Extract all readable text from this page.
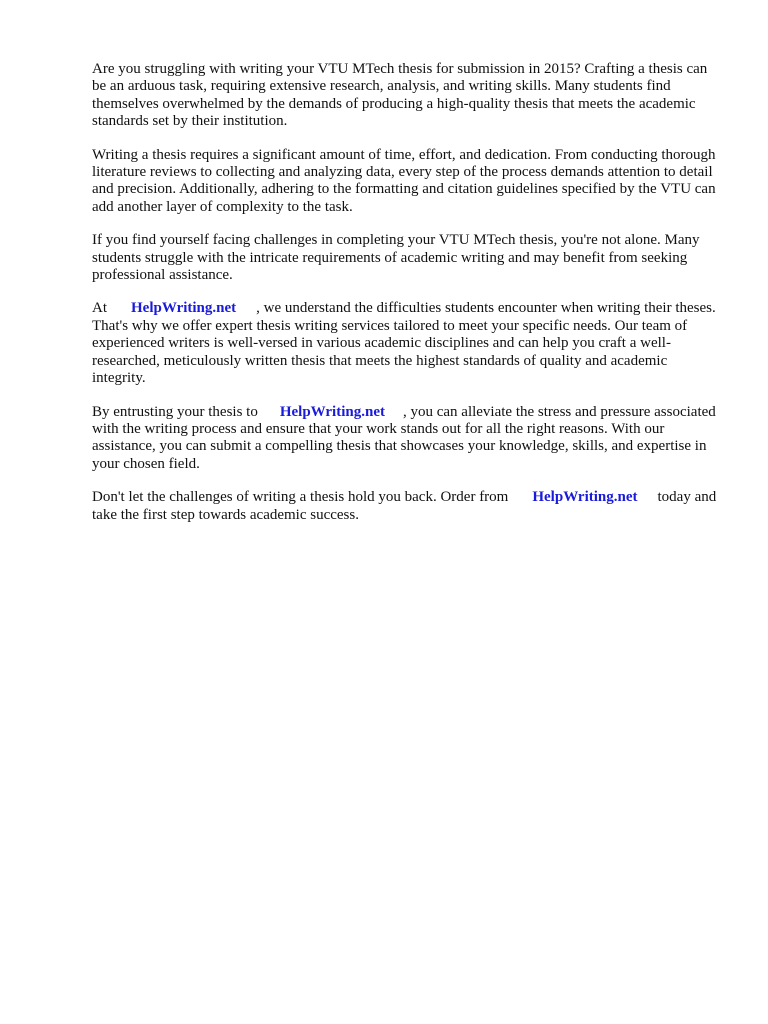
Are you struggling with writing your VTU MTech thesis for submission in 2015? Crafting a thesis can be an arduous task, requiring extensive research, analysis, and writing skills. Many students find themselves overwhelmed by the demands of producing a high-quality thesis that meets the academic standards set by their institution.

Writing a thesis requires a significant amount of time, effort, and dedication. From conducting thorough literature reviews to collecting and analyzing data, every step of the process demands attention to detail and precision. Additionally, adhering to the formatting and citation guidelines specified by the VTU can add another layer of complexity to the task.

If you find yourself facing challenges in completing your VTU MTech thesis, you're not alone. Many students struggle with the intricate requirements of academic writing and may benefit from seeking professional assistance.

At HelpWriting.net , we understand the difficulties students encounter when writing their theses. That's why we offer expert thesis writing services tailored to meet your specific needs. Our team of experienced writers is well-versed in various academic disciplines and can help you craft a well-researched, meticulously written thesis that meets the highest standards of quality and academic integrity.

By entrusting your thesis to HelpWriting.net , you can alleviate the stress and pressure associated with the writing process and ensure that your work stands out for all the right reasons. With our assistance, you can submit a compelling thesis that showcases your knowledge, skills, and expertise in your chosen field.

Don't let the challenges of writing a thesis hold you back. Order from HelpWriting.net today and take the first step towards academic success.
